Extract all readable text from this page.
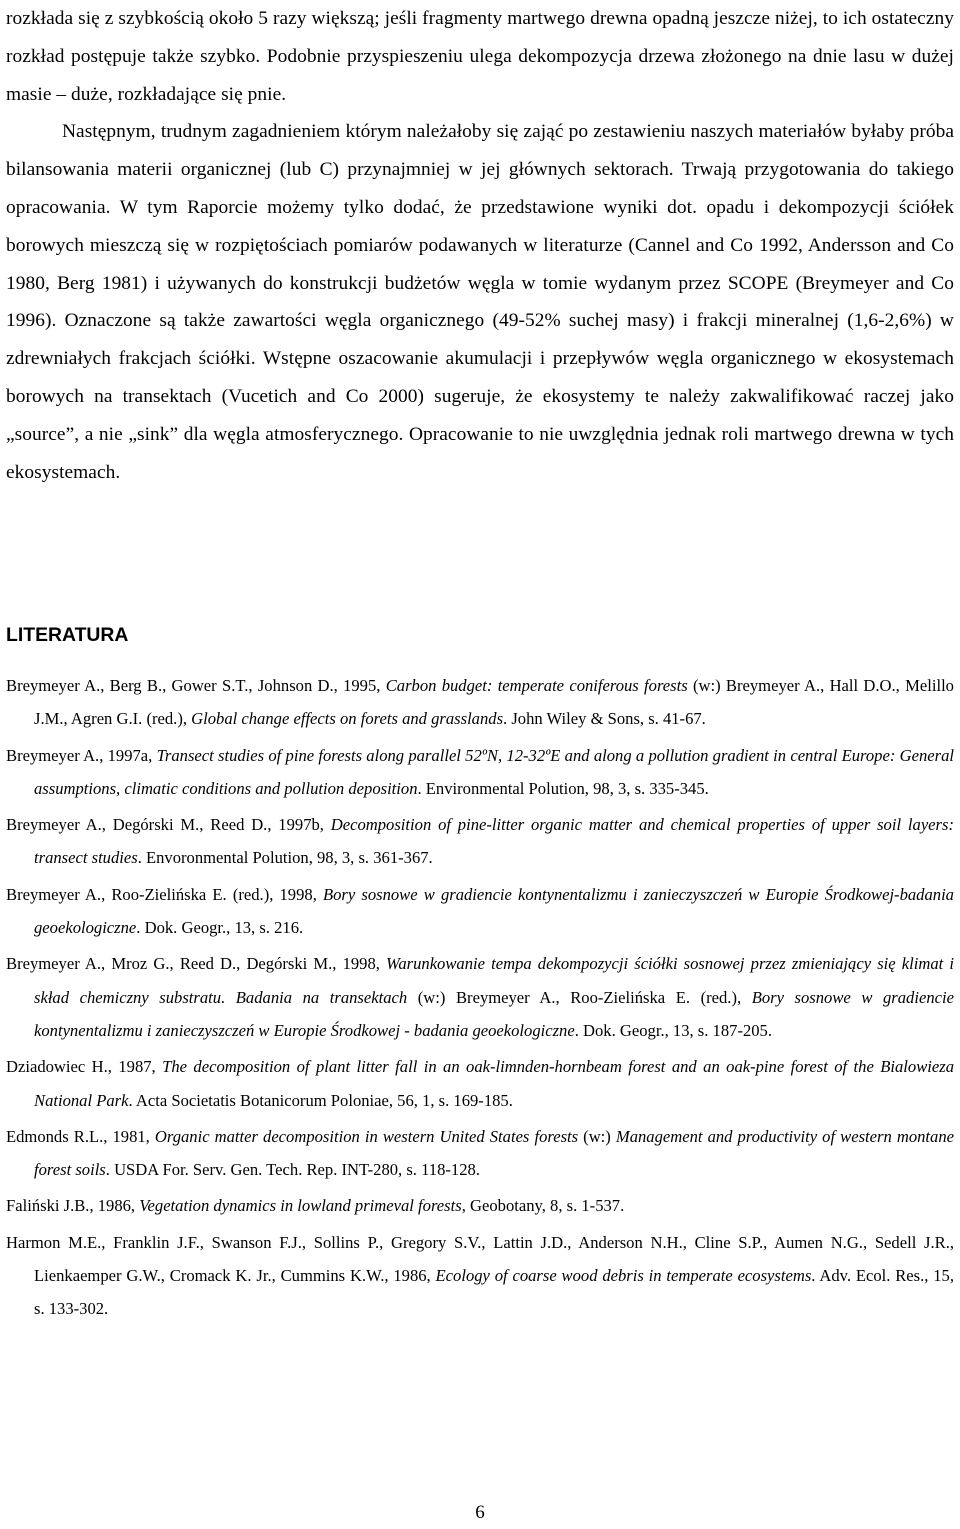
rozkłada się z szybkością około 5 razy większą; jeśli fragmenty martwego drewna opadną jeszcze niżej, to ich ostateczny rozkład postępuje także szybko. Podobnie przyspieszeniu ulega dekompozycja drzewa złożonego na dnie lasu w dużej masie – duże, rozkładające się pnie.

Następnym, trudnym zagadnieniem którym należałoby się zająć po zestawieniu naszych materiałów byłaby próba bilansowania materii organicznej (lub C) przynajmniej w jej głównych sektorach. Trwają przygotowania do takiego opracowania. W tym Raporcie możemy tylko dodać, że przedstawione wyniki dot. opadu i dekompozycji ściółek borowych mieszczą się w rozpiętościach pomiarów podawanych w literaturze (Cannel and Co 1992, Andersson and Co 1980, Berg 1981) i używanych do konstrukcji budżetów węgla w tomie wydanym przez SCOPE (Breymeyer and Co 1996). Oznaczone są także zawartości węgla organicznego (49-52% suchej masy) i frakcji mineralnej (1,6-2,6%) w zdrewniałych frakcjach ściółki. Wstępne oszacowanie akumulacji i przepływów węgla organicznego w ekosystemach borowych na transektach (Vucetich and Co 2000) sugeruje, że ekosystemy te należy zakwalifikować raczej jako „source”, a nie „sink” dla węgla atmosferycznego. Opracowanie to nie uwzględnia jednak roli martwego drewna w tych ekosystemach.

LITERATURA

Breymeyer A., Berg B., Gower S.T., Johnson D., 1995, Carbon budget: temperate coniferous forests (w:) Breymeyer A., Hall D.O., Melillo J.M., Agren G.I. (red.), Global change effects on forets and grasslands. John Wiley & Sons, s. 41-67.

Breymeyer A., 1997a, Transect studies of pine forests along parallel 52ºN, 12-32ºE and along a pollution gradient in central Europe: General assumptions, climatic conditions and pollution deposition. Environmental Polution, 98, 3, s. 335-345.

Breymeyer A., Degórski M., Reed D., 1997b, Decomposition of pine-litter organic matter and chemical properties of upper soil layers: transect studies. Envoronmental Polution, 98, 3, s. 361-367.

Breymeyer A., Roo-Zielińska E. (red.), 1998, Bory sosnowe w gradiencie kontynentalizmu i zanieczyszczeń w Europie Środkowej-badania geoekologiczne. Dok. Geogr., 13, s. 216.

Breymeyer A., Mroz G., Reed D., Degórski M., 1998, Warunkowanie tempa dekompozycji ściółki sosnowej przez zmieniający się klimat i skład chemiczny substratu. Badania na transektach (w:) Breymeyer A., Roo-Zielińska E. (red.), Bory sosnowe w gradiencie kontynentalizmu i zanieczyszczeń w Europie Środkowej - badania geoekologiczne. Dok. Geogr., 13, s. 187-205.

Dziadowiec H., 1987, The decomposition of plant litter fall in an oak-limnden-hornbeam forest and an oak-pine forest of the Bialowieza National Park. Acta Societatis Botanicorum Poloniae, 56, 1, s. 169-185.

Edmonds R.L., 1981, Organic matter decomposition in western United States forests (w:) Management and productivity of western montane forest soils. USDA For. Serv. Gen. Tech. Rep. INT-280, s. 118-128.

Faliński J.B., 1986, Vegetation dynamics in lowland primeval forests, Geobotany, 8, s. 1-537.

Harmon M.E., Franklin J.F., Swanson F.J., Sollins P., Gregory S.V., Lattin J.D., Anderson N.H., Cline S.P., Aumen N.G., Sedell J.R., Lienkaemper G.W., Cromack K. Jr., Cummins K.W., 1986, Ecology of coarse wood debris in temperate ecosystems. Adv. Ecol. Res., 15, s. 133-302.

6
